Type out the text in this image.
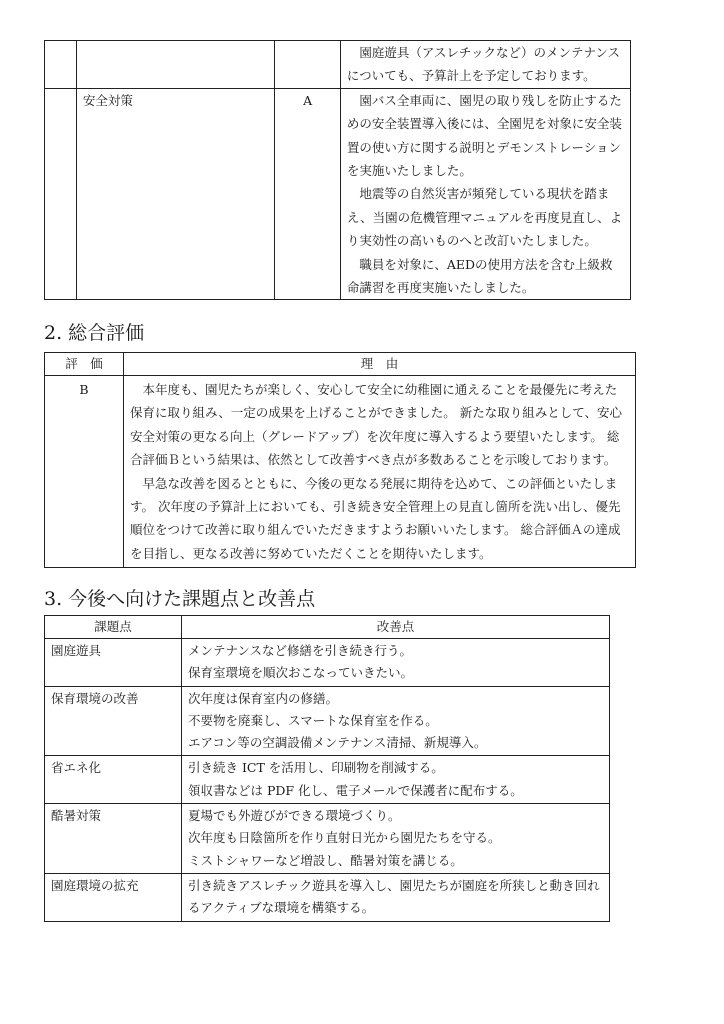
			園庭遊具（アスレチックなど）のメンテナンスについても、予算計上を予定しております。

	安全対策	A	園バス全車両に、園児の取り残しを防止するための安全装置導入後には、全園児を対象に安全装置の使い方に関する説明とデモンストレーションを実施いたしました。

地震等の自然災害が頻発している現状を踏まえ、当園の危機管理マニュアルを再度見直し、より実効性の高いものへと改訂いたしました。

職員を対象に、AEDの使用方法を含む上級救命講習を再度実施いたしました。

2. 総合評価
評　価	理　由
B	本年度も、園児たちが楽しく、安心して安全に幼稚園に通えることを最優先に考えた保育に取り組み、一定の成果を上げることができました。 新たな取り組みとして、安心安全対策の更なる向上（グレードアップ）を次年度に導入するよう要望いたします。 総合評価Ｂという結果は、依然として改善すべき点が多数あることを示唆しております。

早急な改善を図るとともに、今後の更なる発展に期待を込めて、この評価といたします。 次年度の予算計上においても、引き続き安全管理上の見直し箇所を洗い出し、優先順位をつけて改善に取り組んでいただきますようお願いいたします。 総合評価Ａの達成を目指し、更なる改善に努めていただくことを期待いたします。

3. 今後へ向けた課題点と改善点
課題点	改善点
園庭遊具	メンテナンスなど修繕を引き続き行う。

保育室環境を順次おこなっていきたい。

保育環境の改善	次年度は保育室内の修繕。

不要物を廃棄し、スマートな保育室を作る。

エアコン等の空調設備メンテナンス清掃、新規導入。

省エネ化	引き続き ICT を活用し、印刷物を削減する。

領収書などは PDF 化し、電子メールで保護者に配布する。

酷暑対策	夏場でも外遊びができる環境づくり。

次年度も日陰箇所を作り直射日光から園児たちを守る。

ミストシャワーなど増設し、酷暑対策を講じる。

園庭環境の拡充	引き続きアスレチック遊具を導入し、園児たちが園庭を所狭しと動き回れるアクティブな環境を構築する。
